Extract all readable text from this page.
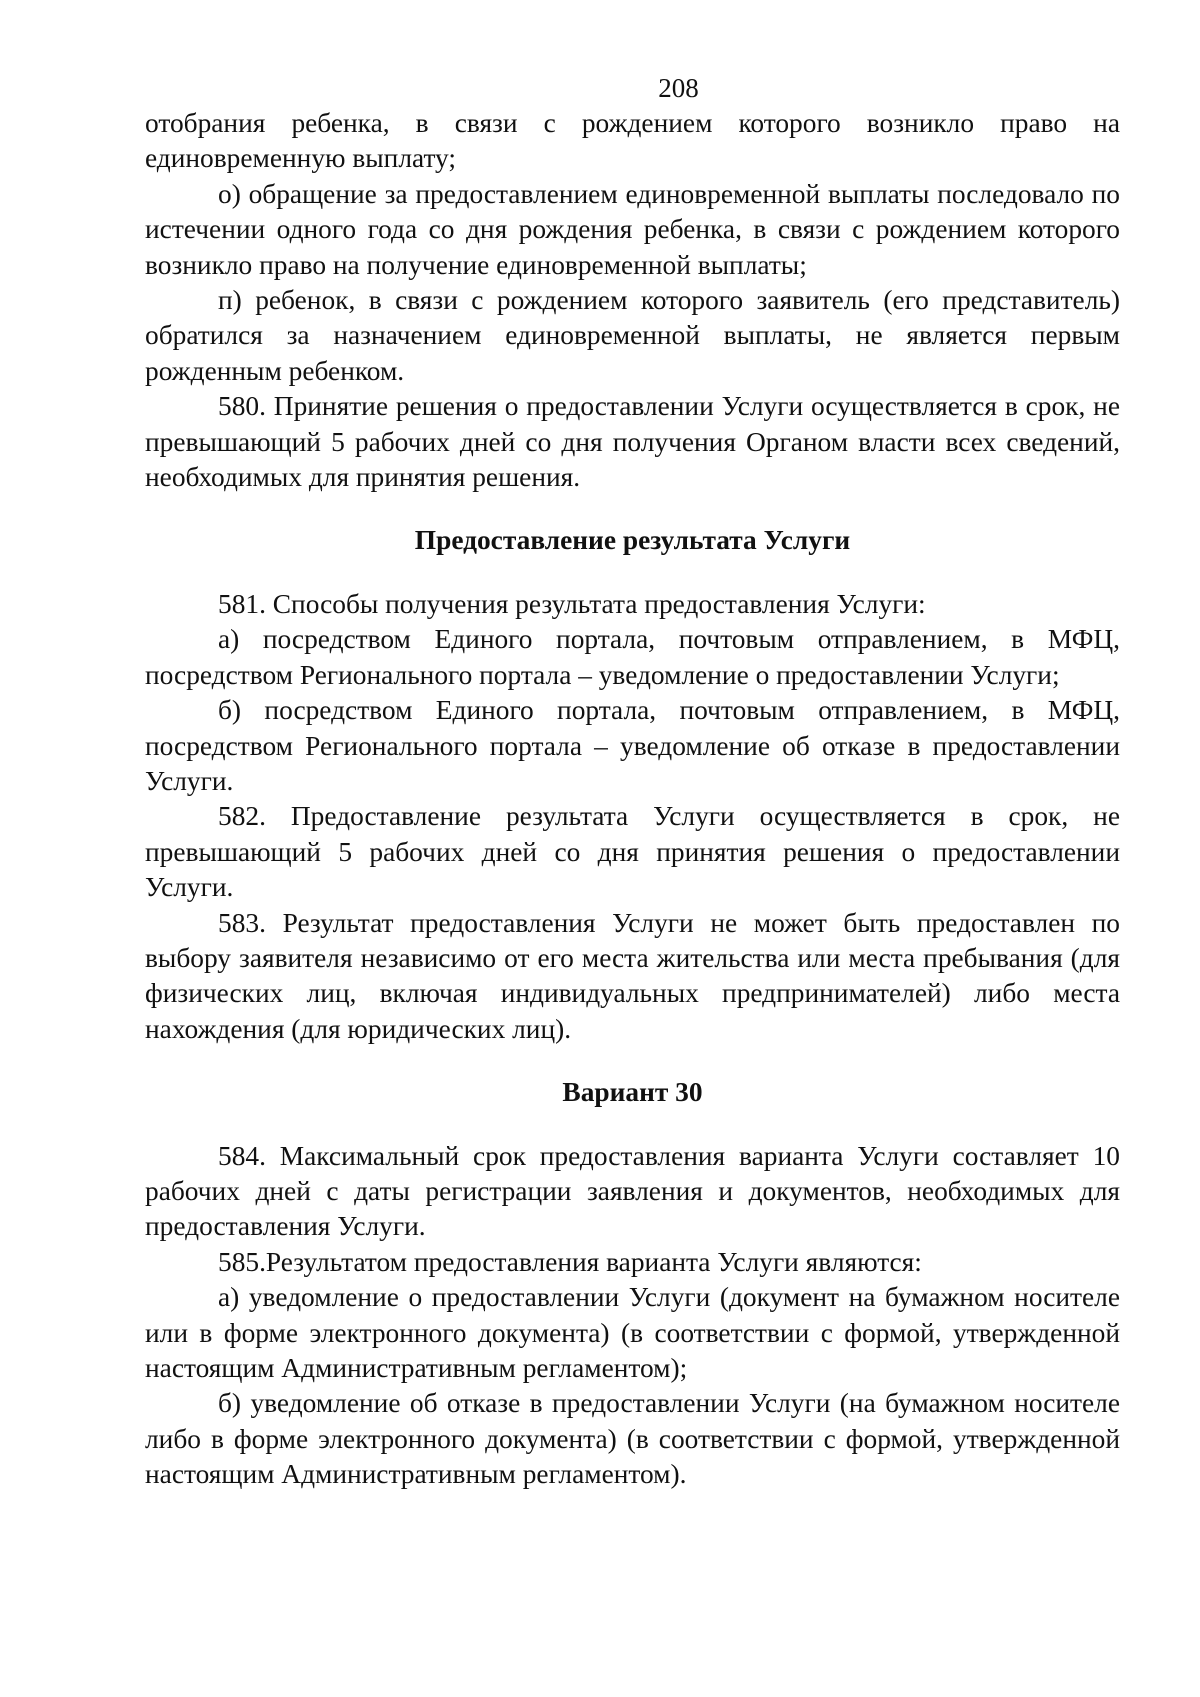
208

отобрания ребенка, в связи с рождением которого возникло право на единовременную выплату;

о) обращение за предоставлением единовременной выплаты последовало по истечении одного года со дня рождения ребенка, в связи с рождением которого возникло право на получение единовременной выплаты;

п) ребенок, в связи с рождением которого заявитель (его представитель) обратился за назначением единовременной выплаты, не является первым рожденным ребенком.

580. Принятие решения о предоставлении Услуги осуществляется в срок, не превышающий 5 рабочих дней со дня получения Органом власти всех сведений, необходимых для принятия решения.

Предоставление результата Услуги

581. Способы получения результата предоставления Услуги:

а) посредством Единого портала, почтовым отправлением, в МФЦ, посредством Регионального портала – уведомление о предоставлении Услуги;

б) посредством Единого портала, почтовым отправлением, в МФЦ, посредством Регионального портала – уведомление об отказе в предоставлении Услуги.

582. Предоставление результата Услуги осуществляется в срок, не превышающий 5 рабочих дней со дня принятия решения о предоставлении Услуги.

583. Результат предоставления Услуги не может быть предоставлен по выбору заявителя независимо от его места жительства или места пребывания (для физических лиц, включая индивидуальных предпринимателей) либо места нахождения (для юридических лиц).

Вариант 30

584. Максимальный срок предоставления варианта Услуги составляет 10 рабочих дней с даты регистрации заявления и документов, необходимых для предоставления Услуги.

585.Результатом предоставления варианта Услуги являются:

а) уведомление о предоставлении Услуги (документ на бумажном носителе или в форме электронного документа) (в соответствии с формой, утвержденной настоящим Административным регламентом);

б) уведомление об отказе в предоставлении Услуги (на бумажном носителе либо в форме электронного документа) (в соответствии с формой, утвержденной настоящим Административным регламентом).
